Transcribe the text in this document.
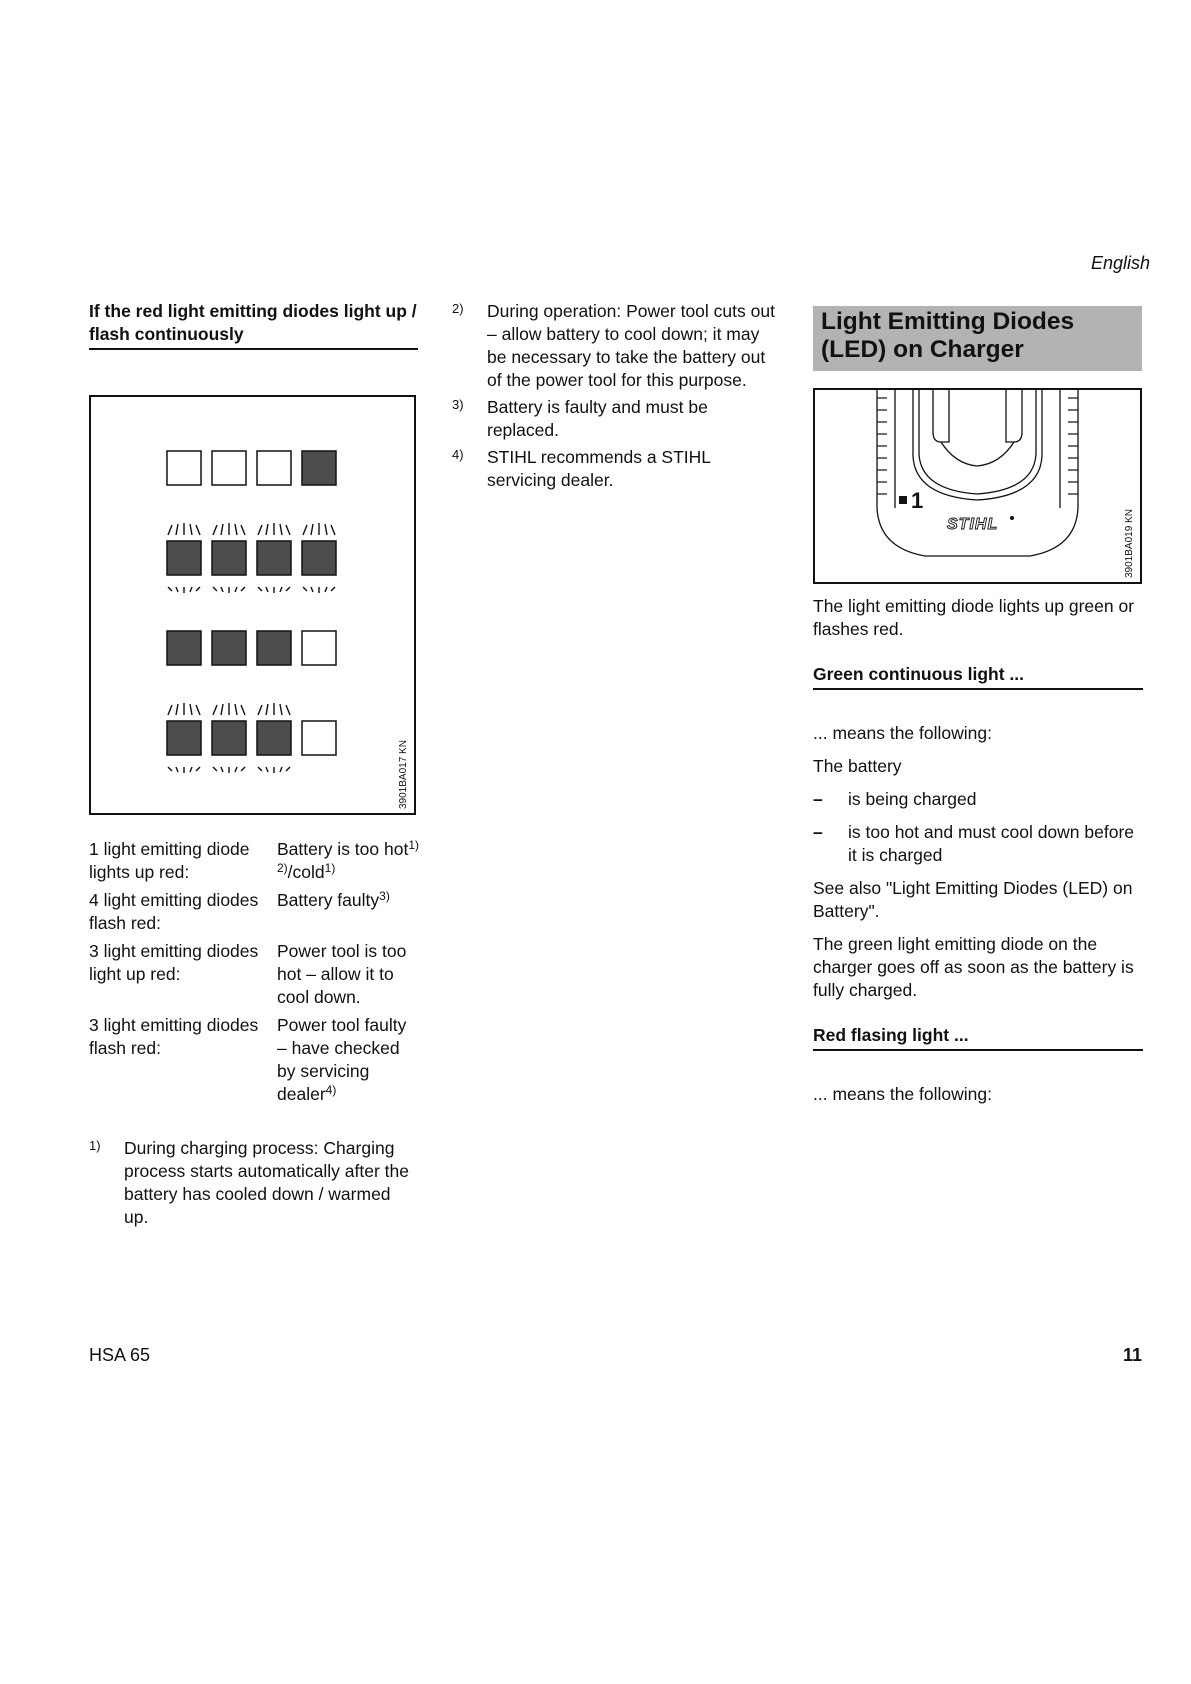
English
If the red light emitting diodes light up / flash continuously
3901BA017 KN
1 light emitting diode lights up red:	Battery is too hot$^{1) 2)}$/cold$^{1)}$
4 light emitting diodes flash red:	Battery faulty$^{3)}$
3 light emitting diodes light up red:	Power tool is too hot – allow it to cool down.
3 light emitting diodes flash red:	Power tool faulty – have checked by servicing dealer$^{4)}$
1)	During charging process: Charging process starts automatically after the battery has cooled down / warmed up.
2)	During operation: Power tool cuts out – allow battery to cool down; it may be necessary to take the battery out of the power tool for this purpose.
3)	Battery is faulty and must be replaced.
4)	STIHL recommends a STIHL servicing dealer.
Light Emitting Diodes (LED) on Charger
1
STIHL	3901BA019 KN

The light emitting diode lights up green or flashes red.

Green continuous light ...

... means the following:

The battery

–	is being charged
–	is too hot and must cool down before it is charged

See also "Light Emitting Diodes (LED) on Battery".

The green light emitting diode on the charger goes off as soon as the battery is fully charged.

Red flasing light ...

... means the following:

HSA 65	11
